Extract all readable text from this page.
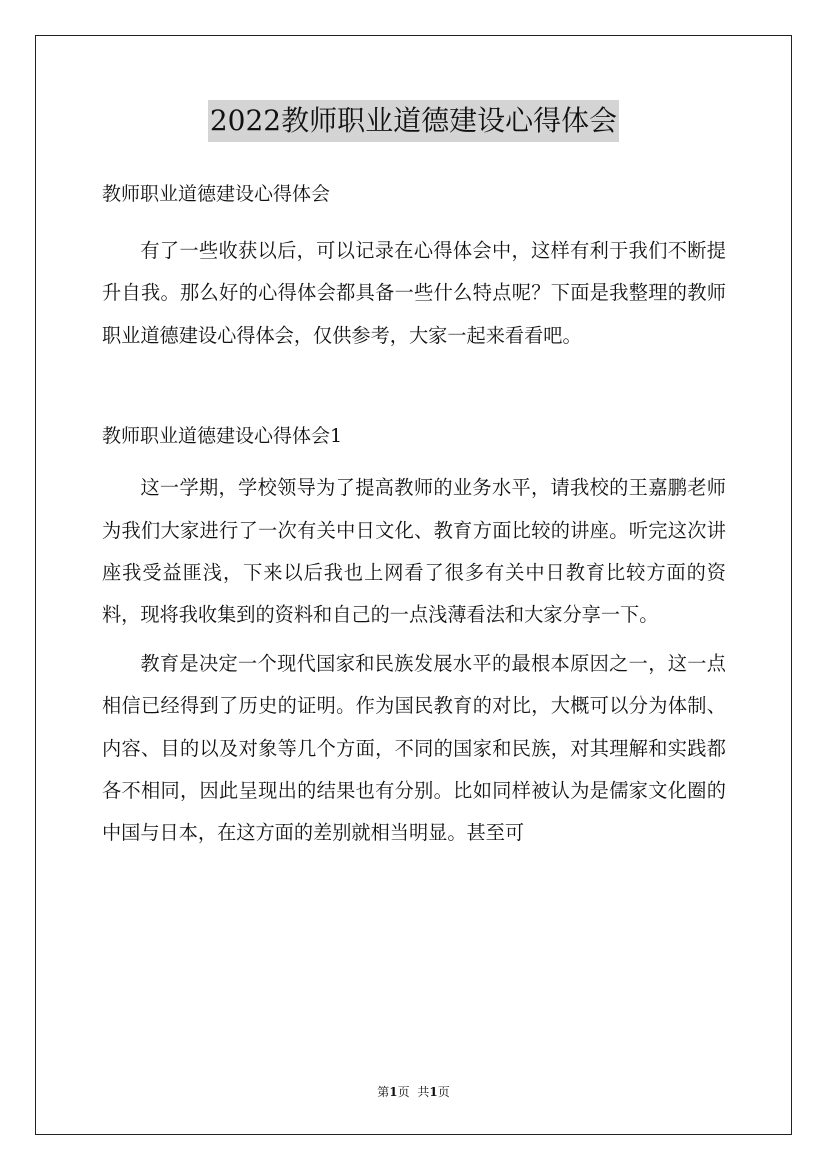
2022教师职业道德建设心得体会

教师职业道德建设心得体会

有了一些收获以后，可以记录在心得体会中，这样有利于我们不断提升自我。那么好的心得体会都具备一些什么特点呢？下面是我整理的教师职业道德建设心得体会，仅供参考，大家一起来看看吧。

教师职业道德建设心得体会1

这一学期，学校领导为了提高教师的业务水平，请我校的王嘉鹏老师为我们大家进行了一次有关中日文化、教育方面比较的讲座。听完这次讲座我受益匪浅，下来以后我也上网看了很多有关中日教育比较方面的资料，现将我收集到的资料和自己的一点浅薄看法和大家分享一下。

教育是决定一个现代国家和民族发展水平的最根本原因之一，这一点相信已经得到了历史的证明。作为国民教育的对比，大概可以分为体制、内容、目的以及对象等几个方面，不同的国家和民族，对其理解和实践都各不相同，因此呈现出的结果也有分别。比如同样被认为是儒家文化圈的中国与日本，在这方面的差别就相当明显。甚至可

第1页 共1页
